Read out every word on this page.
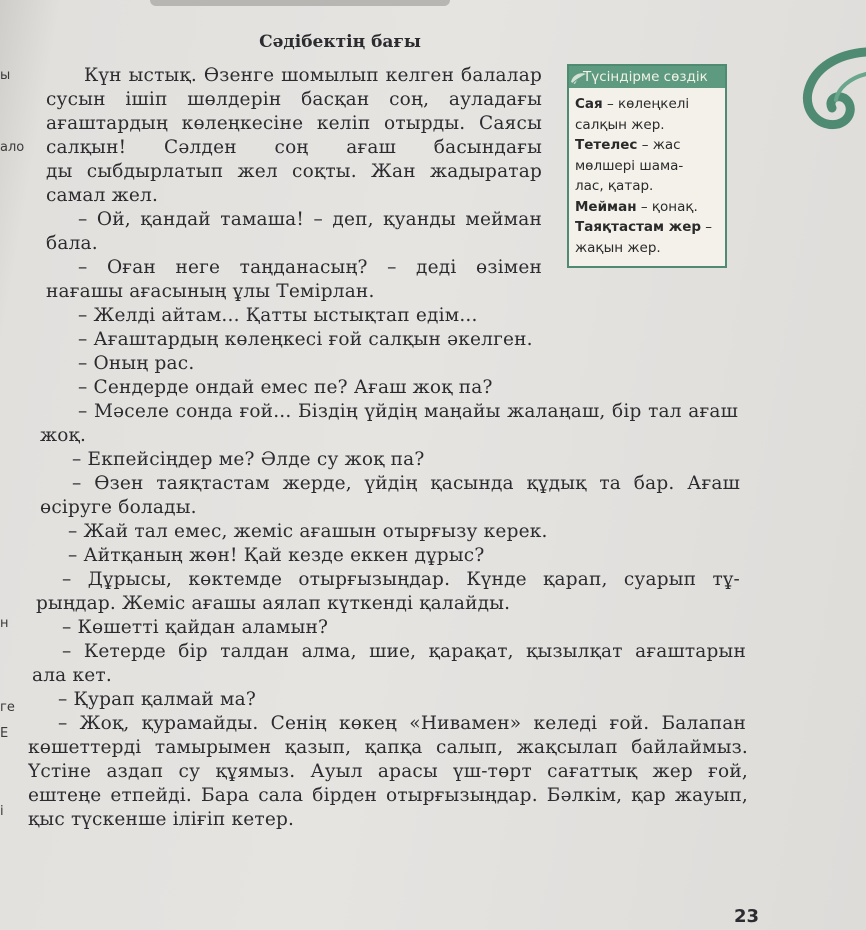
ы
ало
н
ге
Е
і
Сәдібектің бағы
Күн ыстық. Өзенге шомылып келген балалар
сусын ішіп шөлдерін басқан соң, ауладағы
ағаштардың көлеңкесіне келіп отырды. Саясы
салқын! Сәлден соң ағаш басындағы
ды сыбдырлатып жел соқты. Жан жадыратар
самал жел.
– Ой, қандай тамаша! – деп, қуанды мейман
бала.
– Оған неге таңданасың? – деді өзімен
нағашы ағасының ұлы Темірлан.
– Желді айтам... Қатты ыстықтап едім...
– Ағаштардың көлеңкесі ғой салқын әкелген.
– Оның рас.
– Сендерде ондай емес пе? Ағаш жоқ па?
– Мәселе сонда ғой... Біздің үйдің маңайы жалаңаш, бір тал ағаш
жоқ.
– Екпейсіңдер ме? Әлде су жоқ па?
– Өзен таяқтастам жерде, үйдің қасында құдық та бар. Ағаш
өсіруге болады.
– Жай тал емес, жеміс ағашын отырғызу керек.
– Айтқаның жөн! Қай кезде еккен дұрыс?
– Дұрысы, көктемде отырғызыңдар. Күнде қарап, суарып тұ-
рыңдар. Жеміс ағашы аялап күткенді қалайды.
– Көшетті қайдан аламын?
– Кетерде бір талдан алма, шие, қарақат, қызылқат ағаштарын
ала кет.
– Қурап қалмай ма?
– Жоқ, қурамайды. Сенің көкең «Нивамен» келеді ғой. Балапан
көшеттерді тамырымен қазып, қапқа салып, жақсылап байлаймыз.
Үстіне аздап су құямыз. Ауыл арасы үш-төрт сағаттық жер ғой,
ештеңе етпейді. Бара сала бірден отырғызыңдар. Бәлкім, қар жауып,
қыс түскенше іліғіп кетер.
Түсіндірме сөздік
Сая – көлеңкелі
салқын жер.
Тетелес – жас
мөлшері шама-
лас, қатар.
Мейман – қонақ.
Таяқтастам жер –
жақын жер.
23
